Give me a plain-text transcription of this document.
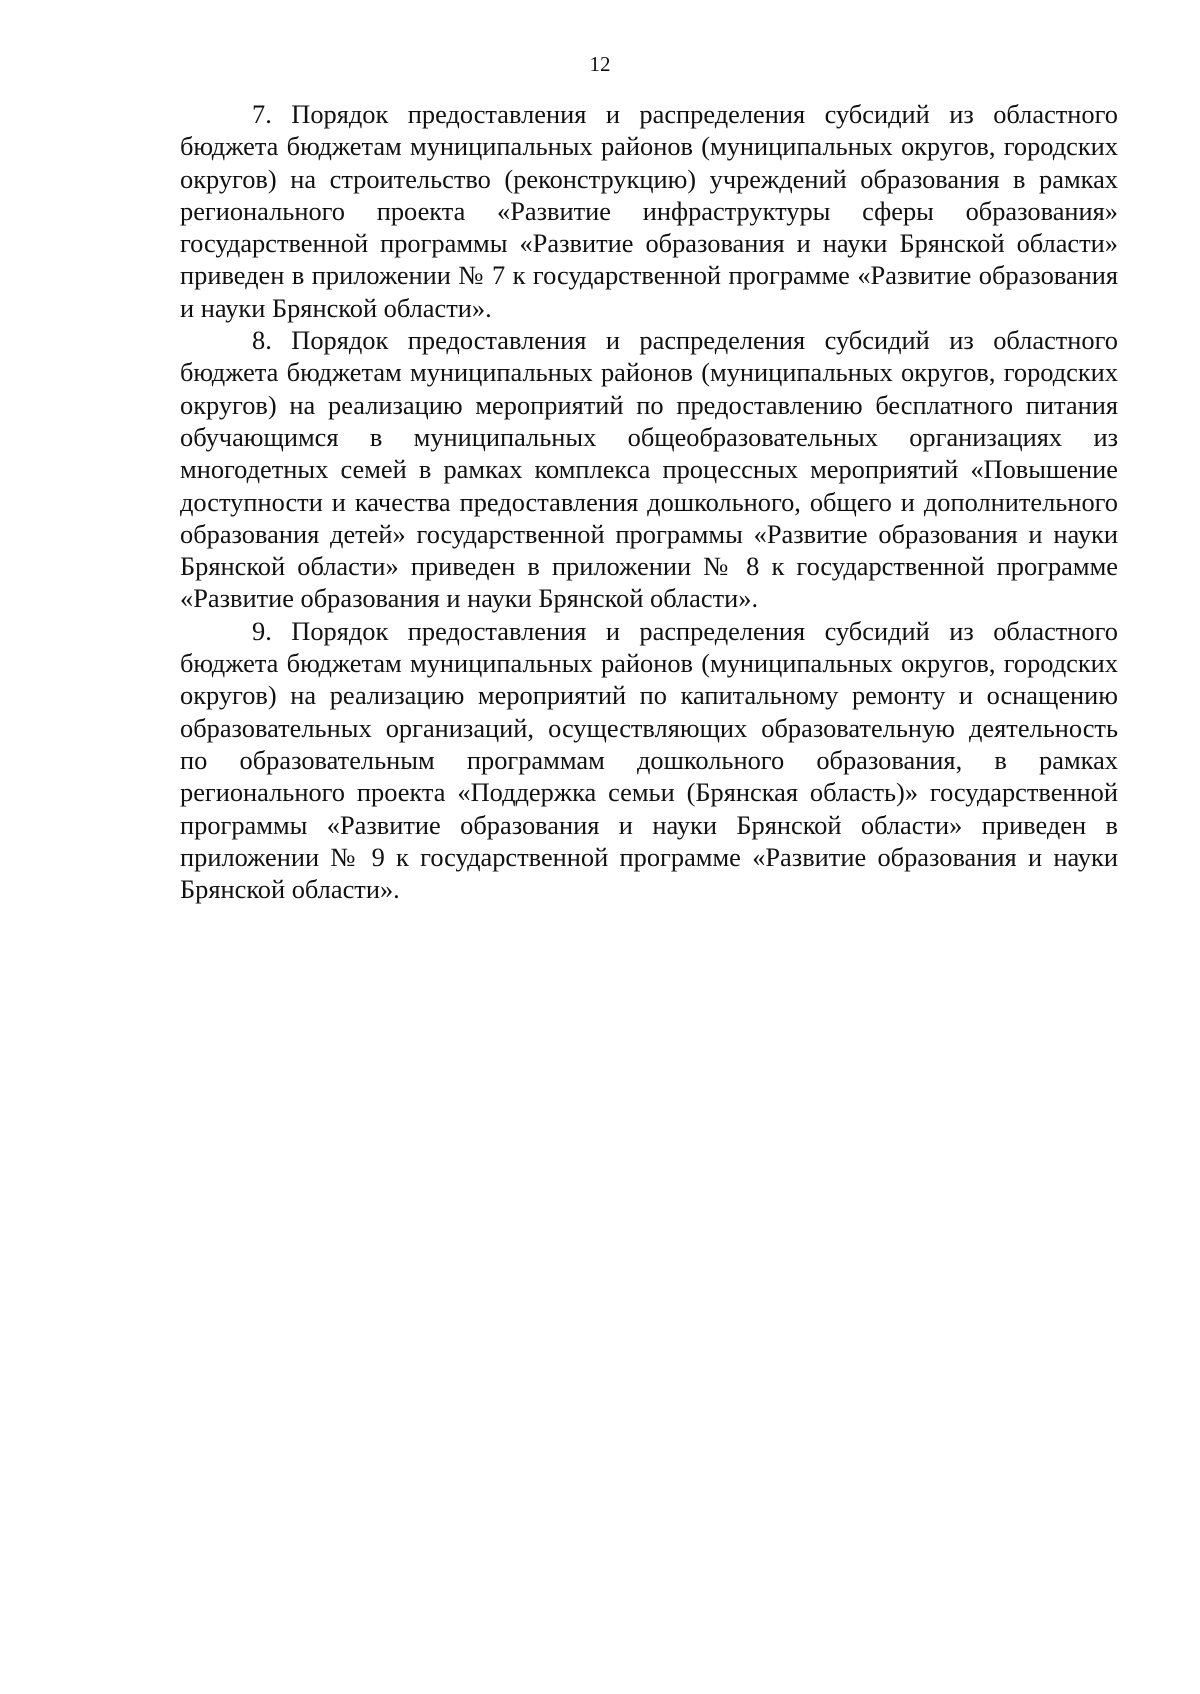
12

7. Порядок предоставления и распределения субсидий из областного бюджета бюджетам муниципальных районов (муниципальных округов, городских округов) на строительство (реконструкцию) учреждений образования в рамках регионального проекта «Развитие инфраструктуры сферы образования» государственной программы «Развитие образования и науки Брянской области» приведен в приложении № 7 к государственной программе «Развитие образования и науки Брянской области».

8. Порядок предоставления и распределения субсидий из областного бюджета бюджетам муниципальных районов (муниципальных округов, городских округов) на реализацию мероприятий по предоставлению бесплатного питания обучающимся в муниципальных общеобразовательных организациях из многодетных семей в рамках комплекса процессных мероприятий «Повышение доступности и качества предоставления дошкольного, общего и дополнительного образования детей» государственной программы «Развитие образования и науки Брянской области» приведен в приложении № 8 к государственной программе «Развитие образования и науки Брянской области».

9. Порядок предоставления и распределения субсидий из областного бюджета бюджетам муниципальных районов (муниципальных округов, городских округов) на реализацию мероприятий по капитальному ремонту и оснащению образовательных организаций, осуществляющих образовательную деятельность по образовательным программам дошкольного образования, в рамках регионального проекта «Поддержка семьи (Брянская область)» государственной программы «Развитие образования и науки Брянской области» приведен в приложении № 9 к государственной программе «Развитие образования и науки Брянской области».
